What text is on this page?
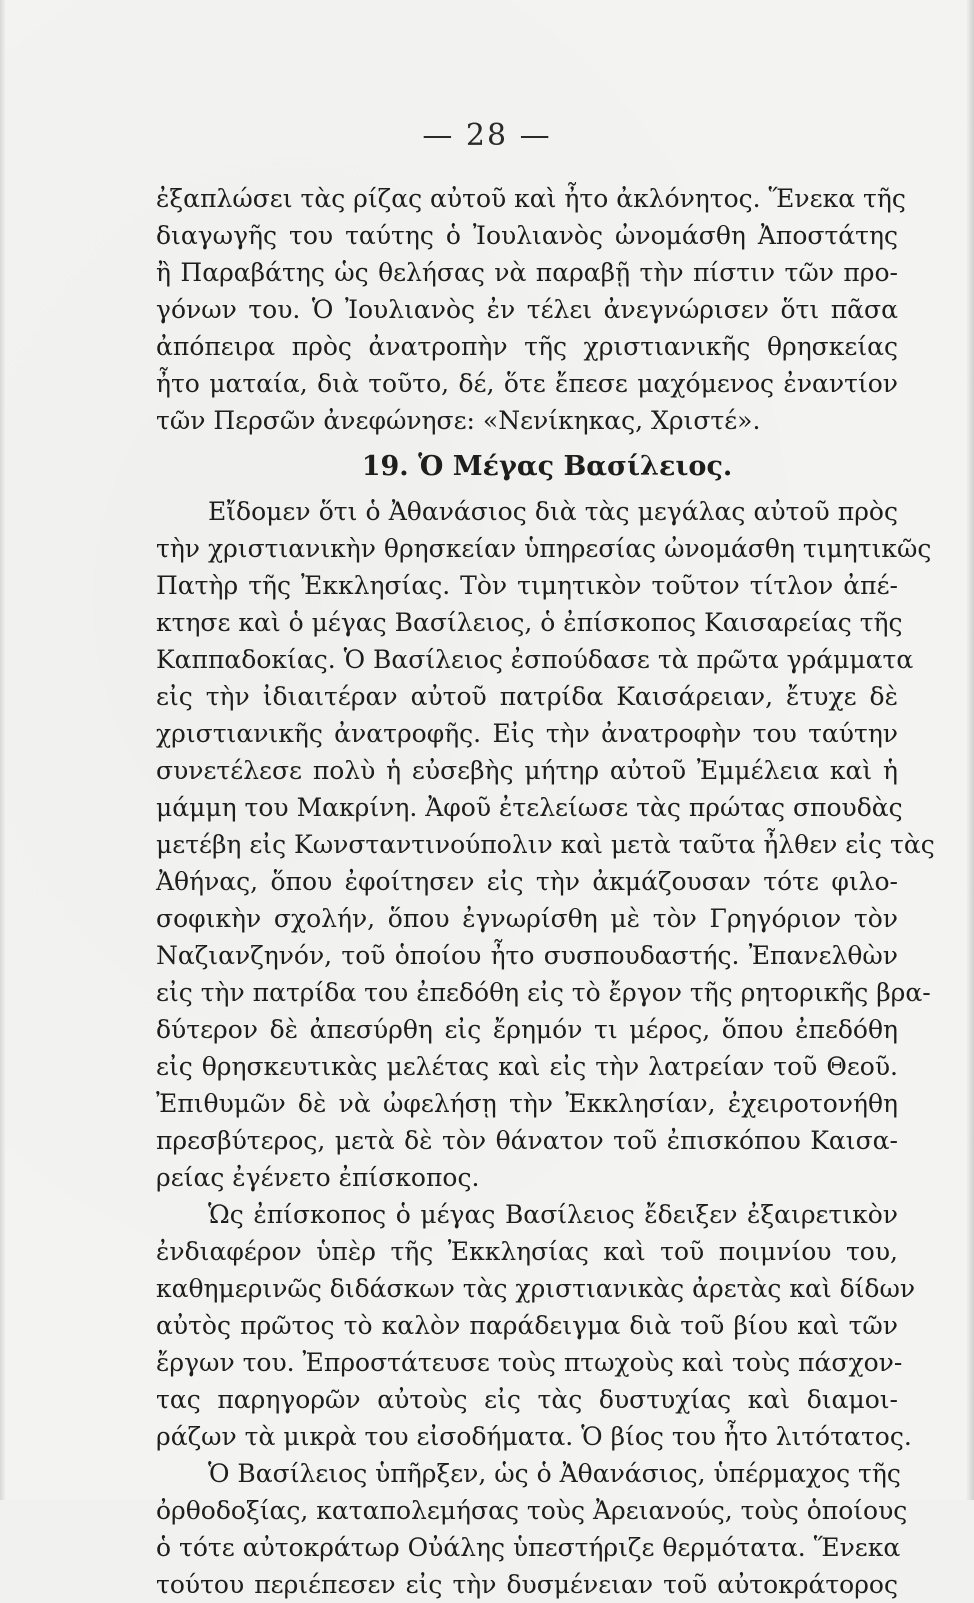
— 28 —
ἐξαπλώσει τὰς ρίζας αὐτοῦ καὶ ἦτο ἀκλόνητος. Ἕνεκα τῆς
διαγωγῆς του ταύτης ὁ Ἰουλιανὸς ὠνομάσθη Ἀποστάτης
ἢ Παραβάτης ὡς θελήσας νὰ παραβῇ τὴν πίστιν τῶν προ-
γόνων του. Ὁ Ἰουλιανὸς ἐν τέλει ἀνεγνώρισεν ὅτι πᾶσα
ἀπόπειρα πρὸς ἀνατροπὴν τῆς χριστιανικῆς θρησκείας
ἦτο ματαία, διὰ τοῦτο, δέ, ὅτε ἔπεσε μαχόμενος ἐναντίον
τῶν Περσῶν ἀνεφώνησε: «Νενίκηκας, Χριστέ».
19. Ὁ Μέγας Βασίλειος.
Εἴδομεν ὅτι ὁ Ἀθανάσιος διὰ τὰς μεγάλας αὐτοῦ πρὸς
τὴν χριστιανικὴν θρησκείαν ὑπηρεσίας ὠνομάσθη τιμητικῶς
Πατὴρ τῆς Ἐκκλησίας. Τὸν τιμητικὸν τοῦτον τίτλον ἀπέ-
κτησε καὶ ὁ μέγας Βασίλειος, ὁ ἐπίσκοπος Καισαρείας τῆς
Καππαδοκίας. Ὁ Βασίλειος ἐσπούδασε τὰ πρῶτα γράμματα
εἰς τὴν ἰδιαιτέραν αὐτοῦ πατρίδα Καισάρειαν, ἔτυχε δὲ
χριστιανικῆς ἀνατροφῆς. Εἰς τὴν ἀνατροφὴν του ταύτην
συνετέλεσε πολὺ ἡ εὐσεβὴς μήτηρ αὐτοῦ Ἐμμέλεια καὶ ἡ
μάμμη του Μακρίνη. Ἀφοῦ ἐτελείωσε τὰς πρώτας σπουδὰς
μετέβη εἰς Κωνσταντινούπολιν καὶ μετὰ ταῦτα ἦλθεν εἰς τὰς
Ἀθήνας, ὅπου ἐφοίτησεν εἰς τὴν ἀκμάζουσαν τότε φιλο-
σοφικὴν σχολήν, ὅπου ἐγνωρίσθη μὲ τὸν Γρηγόριον τὸν
Ναζιανζηνόν, τοῦ ὁποίου ἦτο συσπουδαστής. Ἐπανελθὼν
εἰς τὴν πατρίδα του ἐπεδόθη εἰς τὸ ἔργον τῆς ρητορικῆς βρα-
δύτερον δὲ ἀπεσύρθη εἰς ἔρημόν τι μέρος, ὅπου ἐπεδόθη
εἰς θρησκευτικὰς μελέτας καὶ εἰς τὴν λατρείαν τοῦ Θεοῦ.
Ἐπιθυμῶν δὲ νὰ ὠφελήσῃ τὴν Ἐκκλησίαν, ἐχειροτονήθη
πρεσβύτερος, μετὰ δὲ τὸν θάνατον τοῦ ἐπισκόπου Καισα-
ρείας ἐγένετο ἐπίσκοπος.
Ὡς ἐπίσκοπος ὁ μέγας Βασίλειος ἔδειξεν ἐξαιρετικὸν
ἐνδιαφέρον ὑπὲρ τῆς Ἐκκλησίας καὶ τοῦ ποιμνίου του,
καθημερινῶς διδάσκων τὰς χριστιανικὰς ἀρετὰς καὶ δίδων
αὐτὸς πρῶτος τὸ καλὸν παράδειγμα διὰ τοῦ βίου καὶ τῶν
ἔργων του. Ἐπροστάτευσε τοὺς πτωχοὺς καὶ τοὺς πάσχον-
τας παρηγορῶν αὐτοὺς εἰς τὰς δυστυχίας καὶ διαμοι-
ράζων τὰ μικρὰ του εἰσοδήματα. Ὁ βίος του ἦτο λιτότατος.
Ὁ Βασίλειος ὑπῆρξεν, ὡς ὁ Ἀθανάσιος, ὑπέρμαχος τῆς
ὀρθοδοξίας, καταπολεμήσας τοὺς Ἀρειανούς, τοὺς ὁποίους
ὁ τότε αὐτοκράτωρ Οὐάλης ὑπεστήριζε θερμότατα. Ἕνεκα
τούτου περιέπεσεν εἰς τὴν δυσμένειαν τοῦ αὐτοκράτορος
